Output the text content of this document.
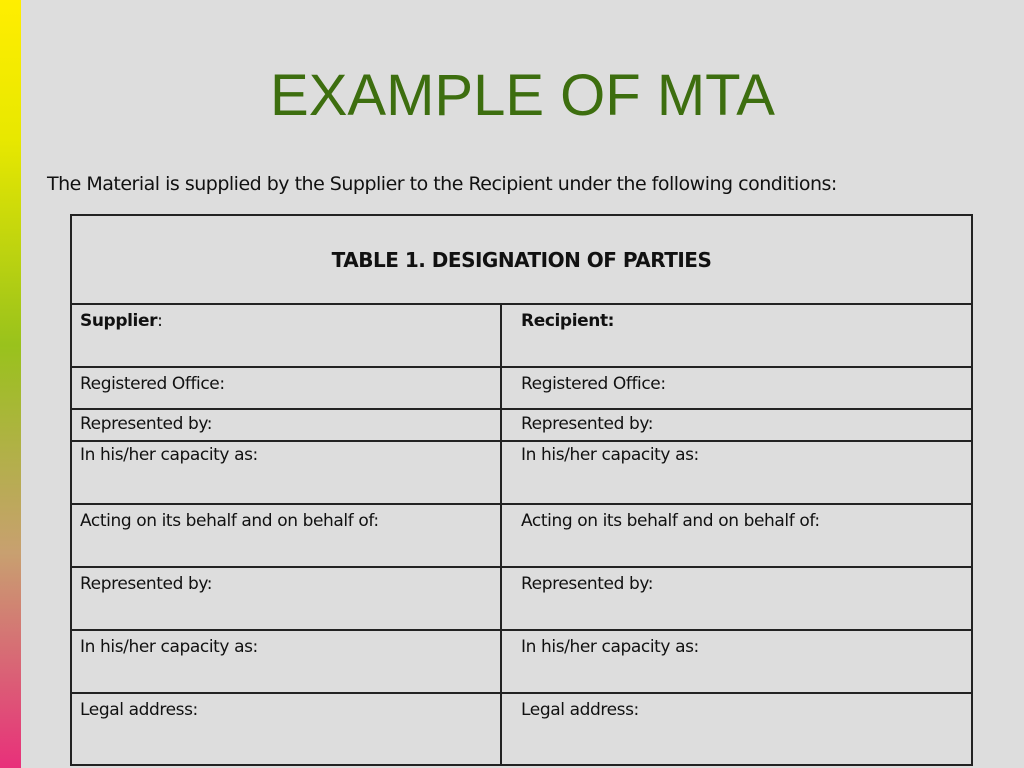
EXAMPLE OF MTA
The Material is supplied by the Supplier to the Recipient under the following conditions:
TABLE 1. DESIGNATION OF PARTIES	
Supplier:	Recipient:
Registered Office:	Registered Office:
Represented by:	Represented by:
In his/her capacity as:	In his/her capacity as:
Acting on its behalf and on behalf of:	Acting on its behalf and on behalf of:
Represented by:	Represented by:
In his/her capacity as:	In his/her capacity as:
Legal address:	Legal address:
